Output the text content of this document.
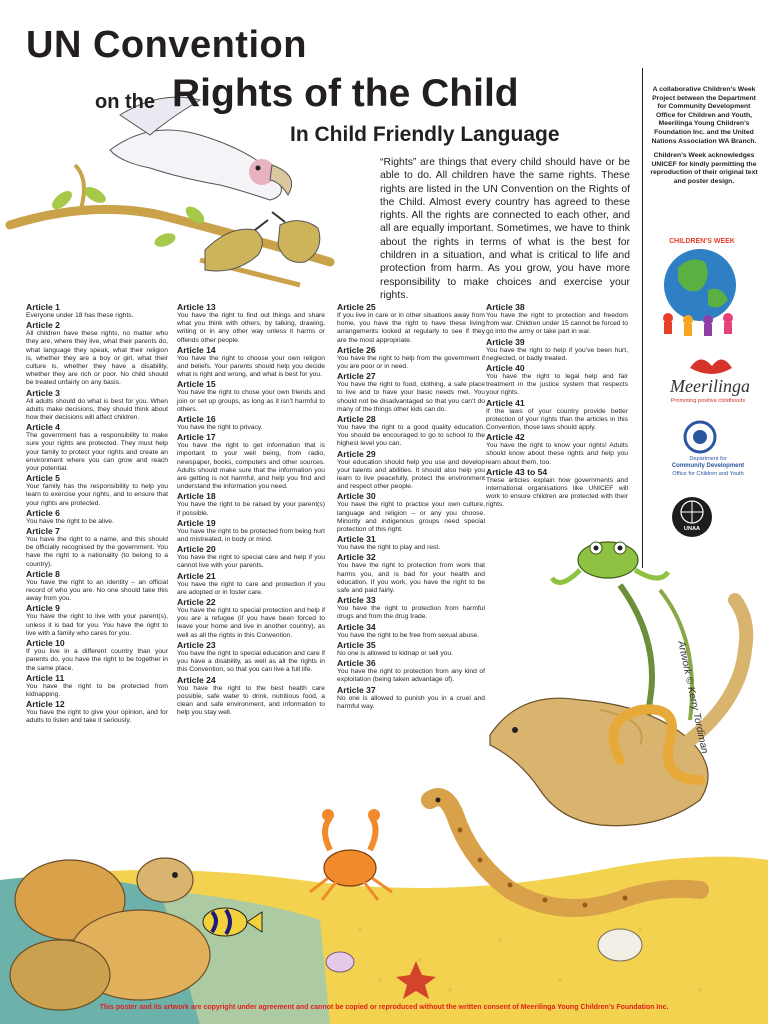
UN Convention
on the Rights of the Child
In Child Friendly Language
“Rights” are things that every child should have or be able to do. All children have the same rights. These rights are listed in the UN Convention on the Rights of the Child. Almost every country has agreed to these rights. All the rights are connected to each other, and all are equally important. Sometimes, we have to think about the rights in terms of what is the best for children in a situation, and what is critical to life and protection from harm. As you grow, you have more responsibility to make choices and exercise your rights.

A collaborative Children’s Week Project between the Department for Community Development Office for Children and Youth, Meerilinga Young Children’s Foundation Inc. and the United Nations Association WA Branch.

Children’s Week acknowledges UNICEF for kindly permitting the reproduction of their original text and poster design.

CHILDREN’S WEEK
Meerilinga
Promoting positive childhoods
Department for
Community Development
Office for Children and Youth
UNAA
Article 1

Everyone under 18 has these rights.

Article 2

All children have these rights, no matter who they are, where they live, what their parents do, what language they speak, what their religion is, whether they are a boy or girl, what their culture is, whether they have a disability, whether they are rich or poor. No child should be treated unfairly on any basis.

Article 3

All adults should do what is best for you. When adults make decisions, they should think about how their decisions will affect children.

Article 4

The government has a responsibility to make sure your rights are protected. They must help your family to protect your rights and create an environment where you can grow and reach your potential.

Article 5

Your family has the responsibility to help you learn to exercise your rights, and to ensure that your rights are protected.

Article 6

You have the right to be alive.

Article 7

You have the right to a name, and this should be officially recognised by the government. You have the right to a nationality (to belong to a country).

Article 8

You have the right to an identity – an official record of who you are. No one should take this away from you.

Article 9

You have the right to live with your parent(s), unless it is bad for you. You have the right to live with a family who cares for you.

Article 10

If you live in a different country than your parents do, you have the right to be together in the same place.

Article 11

You have the right to be protected from kidnapping.

Article 12

You have the right to give your opinion, and for adults to listen and take it seriously.

Article 13

You have the right to find out things and share what you think with others, by talking, drawing, writing or in any other way unless it harms or offends other people.

Article 14

You have the right to choose your own religion and beliefs. Your parents should help you decide what is right and wrong, and what is best for you.

Article 15

You have the right to chose your own friends and join or set up groups, as long as it isn’t harmful to others.

Article 16

You have the right to privacy.

Article 17

You have the right to get information that is important to your well being, from radio, newspaper, books, computers and other sources. Adults should make sure that the information you are getting is not harmful, and help you find and understand the information you need.

Article 18

You have the right to be raised by your parent(s) if possible.

Article 19

You have the right to be protected from being hurt and mistreated, in body or mind.

Article 20

You have the right to special care and help if you cannot live with your parents.

Article 21

You have the right to care and protection if you are adopted or in foster care.

Article 22

You have the right to special protection and help if you are a refugee (if you have been forced to leave your home and live in another country), as well as all the rights in this Convention.

Article 23

You have the right to special education and care if you have a disability, as well as all the rights in this Convention, so that you can live a full life.

Article 24

You have the right to the best health care possible, safe water to drink, nutritious food, a clean and safe environment, and information to help you stay well.

Article 25

If you live in care or in other situations away from home, you have the right to have these living arrangements looked at regularly to see if they are the most appropriate.

Article 26

You have the right to help from the government if you are poor or in need.

Article 27

You have the right to food, clothing, a safe place to live and to have your basic needs met. You should not be disadvantaged so that you can’t do many of the things other kids can do.

Article 28

You have the right to a good quality education. You should be encouraged to go to school to the highest level you can.

Article 29

Your education should help you use and develop your talents and abilities. It should also help you learn to live peacefully, protect the environment and respect other people.

Article 30

You have the right to practice your own culture, language and religion – or any you choose. Minority and indigenous groups need special protection of this right.

Article 31

You have the right to play and rest.

Article 32

You have the right to protection from work that harms you, and is bad for your health and education. If you work, you have the right to be safe and paid fairly.

Article 33

You have the right to protection from harmful drugs and from the drug trade.

Article 34

You have the right to be free from sexual abuse.

Article 35

No one is allowed to kidnap or sell you.

Article 36

You have the right to protection from any kind of exploitation (being taken advantage of).

Article 37

No one is allowed to punish you in a cruel and harmful way.

Article 38

You have the right to protection and freedom from war. Children under 15 cannot be forced to go into the army or take part in war.

Article 39

You have the right to help if you’ve been hurt, neglected, or badly treated.

Article 40

You have the right to legal help and fair treatment in the justice system that respects your rights.

Article 41

If the laws of your country provide better protection of your rights than the articles in this Convention, those laws should apply.

Article 42

You have the right to know your rights! Adults should know about these rights and help you learn about them, too.

Article 43 to 54

These articles explain how governments and international organisations like UNICEF will work to ensure children are protected with their rights.

Artwork © Kerry Tordiman
This poster and its artwork are copyright under agreement and cannot be copied or reproduced without the written consent of Meerilinga Young Children’s Foundation Inc.
